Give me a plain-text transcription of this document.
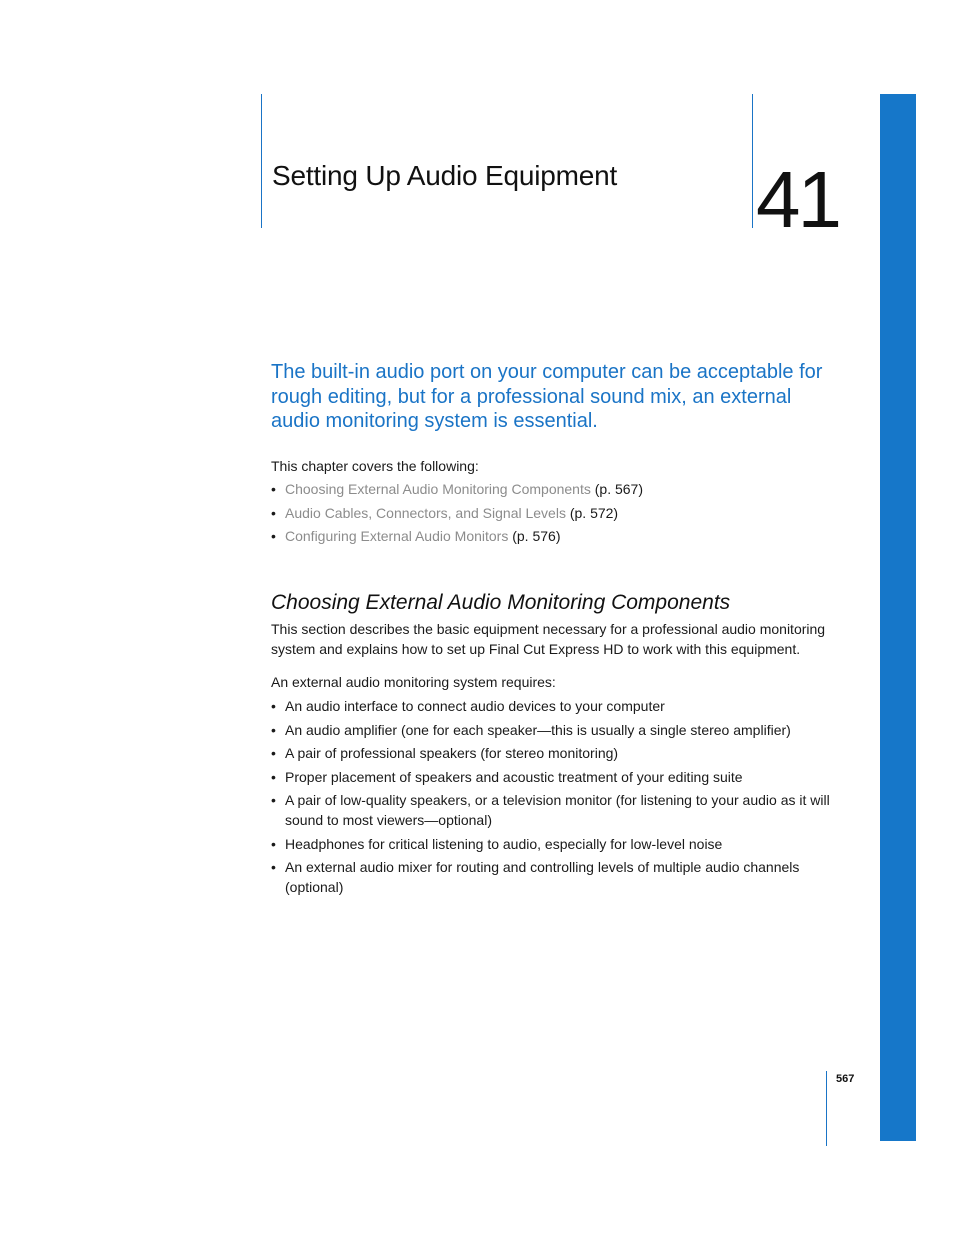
Setting Up Audio Equipment 41

The built-in audio port on your computer can be acceptable for rough editing, but for a professional sound mix, an external audio monitoring system is essential.

This chapter covers the following:

• Choosing External Audio Monitoring Components (p. 567)
• Audio Cables, Connectors, and Signal Levels (p. 572)
• Configuring External Audio Monitors (p. 576)
Choosing External Audio Monitoring Components

This section describes the basic equipment necessary for a professional audio monitoring system and explains how to set up Final Cut Express HD to work with this equipment.

An external audio monitoring system requires:

• An audio interface to connect audio devices to your computer
• An audio amplifier (one for each speaker—this is usually a single stereo amplifier)
• A pair of professional speakers (for stereo monitoring)
• Proper placement of speakers and acoustic treatment of your editing suite
• A pair of low-quality speakers, or a television monitor (for listening to your audio as it will sound to most viewers—optional)
• Headphones for critical listening to audio, especially for low-level noise
• An external audio mixer for routing and controlling levels of multiple audio channels (optional)

567
